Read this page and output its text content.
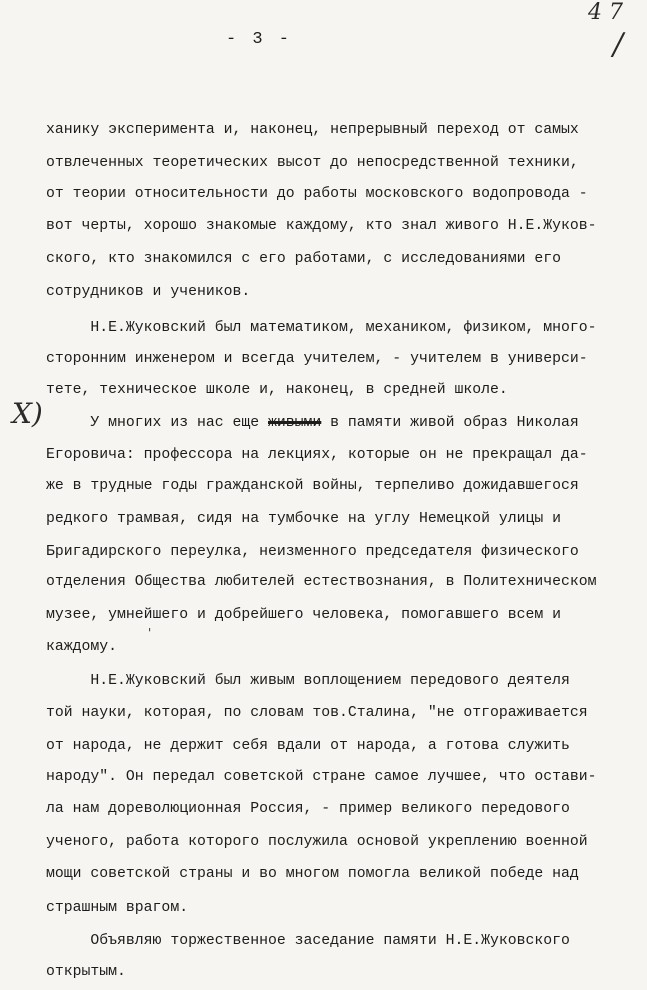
- 3 -
4 7
/
X)
'
ханику эксперимента и, наконец, непрерывный переход от самых
отвлеченных теоретических высот до непосредственной техники,
от теории относительности до работы московского водопровода -
вот черты, хорошо знакомые каждому, кто знал живого Н.Е.Жуков-
ского, кто знакомился с его работами, с исследованиями его
сотрудников и учеников.
Н.Е.Жуковский был математиком, механиком, физиком, много-
сторонним инженером и всегда учителем, - учителем в универси-
тете, техническое школе и, наконец, в средней школе.
У многих из нас еще живыми в памяти живой образ Николая
Егоровича: профессора на лекциях, которые он не прекращал да-
же в трудные годы гражданской войны, терпеливо дожидавшегося
редкого трамвая, сидя на тумбочке на углу Немецкой улицы и
Бригадирского переулка, неизменного председателя физического
отделения Общества любителей естествознания, в Политехническом
музее, умнейшего и добрейшего человека, помогавшего всем и
каждому.
Н.Е.Жуковский был живым воплощением передового деятеля
той науки, которая, по словам тов.Сталина, "не отгораживается
от народа, не держит себя вдали от народа, а готова служить
народу". Он передал советской стране самое лучшее, что остави-
ла нам дореволюционная Россия, - пример великого передового
ученого, работа которого послужила основой укреплению военной
мощи советской страны и во многом помогла великой победе над
страшным врагом.
Объявляю торжественное заседание памяти Н.Е.Жуковского
открытым.
